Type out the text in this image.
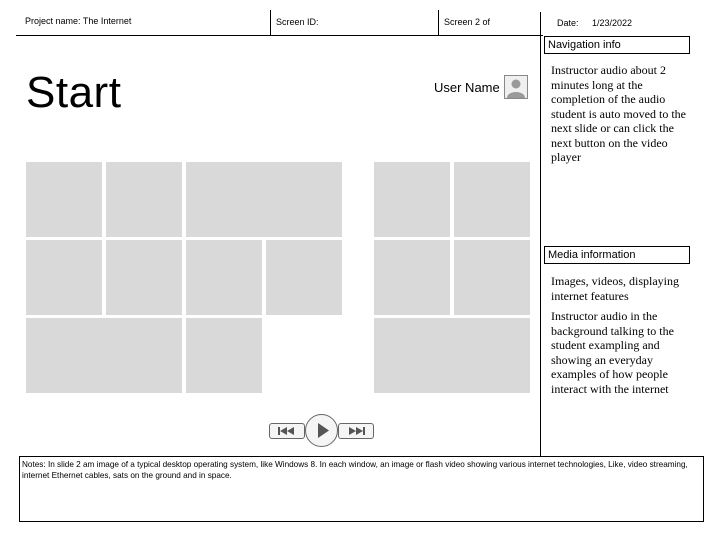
Project name: The Internet	Screen ID:	Screen 2 of	Date: 1/23/2022
Start	User Name
Navigation info
Instructor audio about 2 minutes long at the completion of the audio student is auto moved to the next slide or can click the next button on the video player
Media information
Images, videos, displaying internet features
Instructor audio in the background talking to the student exampling and showing an everyday examples of how people interact with the internet
Notes: In slide 2 am image of a typical desktop operating system, like Windows 8. In each window, an image or flash video showing various internet technologies, Like, video streaming, internet Ethernet cables, sats on the ground and in space.
